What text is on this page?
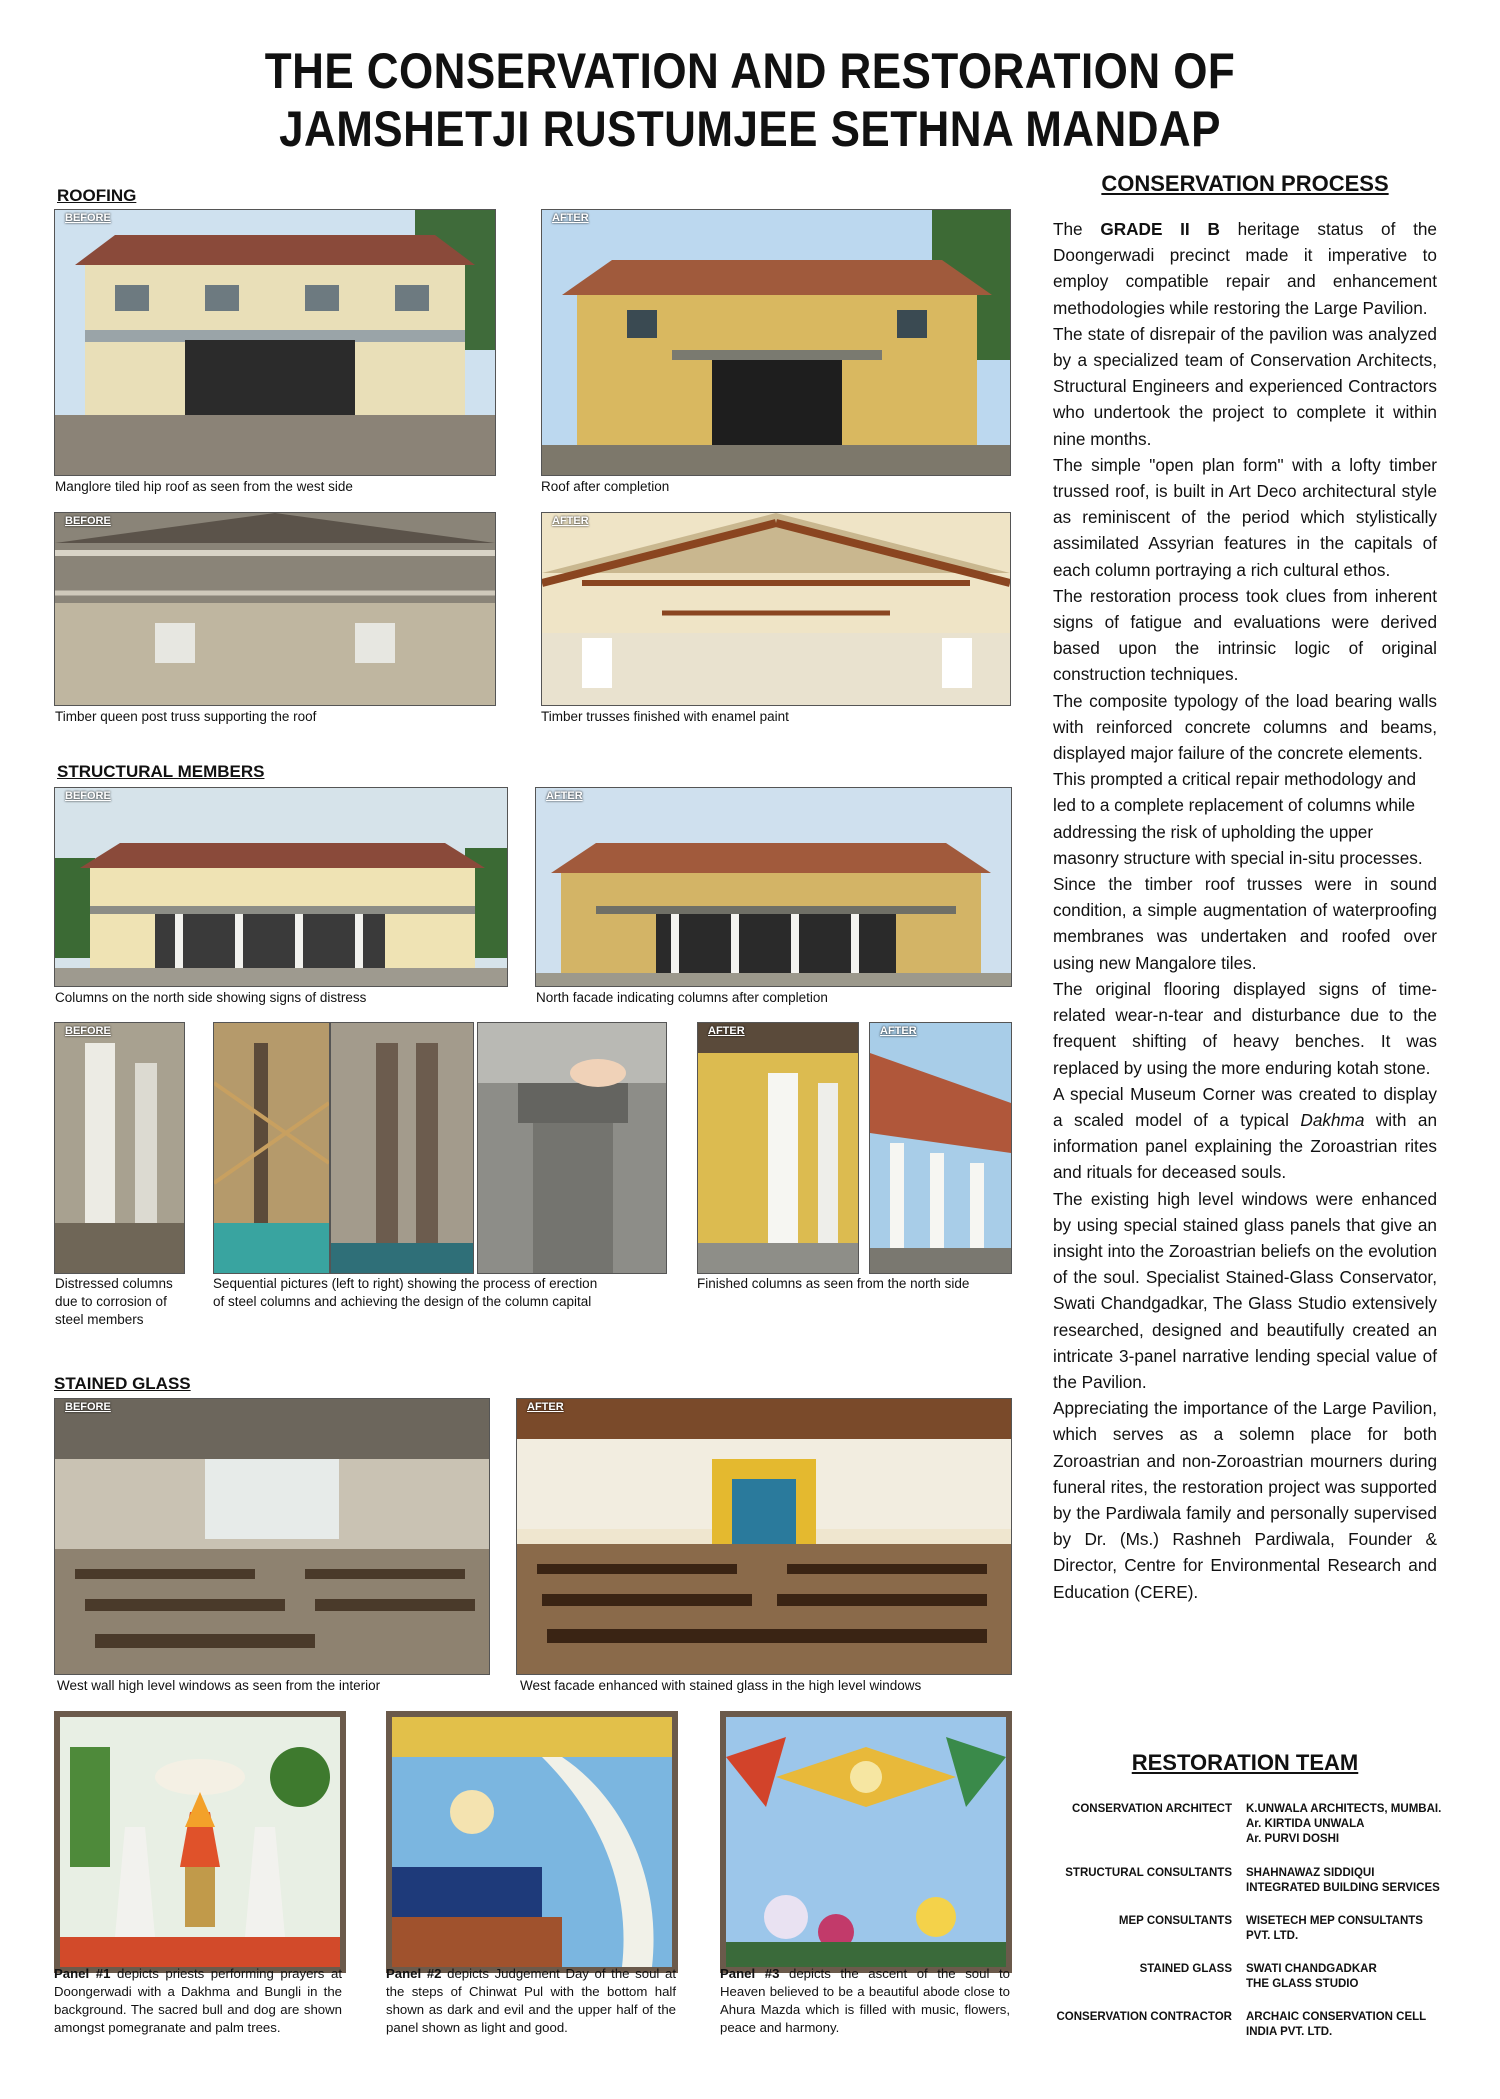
THE CONSERVATION AND RESTORATION OF
JAMSHETJI RUSTUMJEE SETHNA MANDAP
ROOFING
BEFORE
Manglore tiled hip roof as seen from the west side
AFTER
Roof after completion
BEFORE
Timber queen post truss supporting the roof
AFTER
Timber trusses finished with enamel paint
STRUCTURAL MEMBERS
BEFORE
Columns on the north side showing signs of distress
AFTER
North facade indicating columns after completion
BEFORE
Distressed columns
due to corrosion of
steel members
Sequential pictures (left to right) showing the process of erection
of steel columns and achieving the design of the column capital
AFTER	AFTER
Finished columns as seen from the north side
STAINED GLASS
BEFORE
West wall high level windows as seen from the interior
AFTER
West facade enhanced with stained glass in the high level windows
Panel #1 depicts priests performing prayers at Doongerwadi with a Dakhma and Bungli in the background. The sacred bull and dog are shown amongst pomegranate and palm trees.
Panel #2 depicts Judgement Day of the soul at the steps of Chinwat Pul with the bottom half shown as dark and evil and the upper half of the panel shown as light and good.
Panel #3 depicts the ascent of the soul to Heaven believed to be a beautiful abode close to Ahura Mazda which is filled with music, flowers, peace and harmony.
CONSERVATION PROCESS

The GRADE II B heritage status of the Doongerwadi precinct made it imperative to employ compatible repair and enhancement methodologies while restoring the Large Pavilion.

The state of disrepair of the pavilion was analyzed by a specialized team of Conservation Architects, Structural Engineers and experienced Contractors who undertook the project to complete it within nine months.

The simple "open plan form" with a lofty timber trussed roof, is built in Art Deco architectural style as reminiscent of the period which stylistically assimilated Assyrian features in the capitals of each column portraying a rich cultural ethos.

The restoration process took clues from inherent signs of fatigue and evaluations were derived based upon the intrinsic logic of original construction techniques.

The composite typology of the load bearing walls with reinforced concrete columns and beams, displayed major failure of the concrete elements.

This prompted a critical repair methodology and led to a complete replacement of columns while addressing the risk of upholding the upper masonry structure with special in-situ processes.

Since the timber roof trusses were in sound condition, a simple augmentation of waterproofing membranes was undertaken and roofed over using new Mangalore tiles.

The original flooring displayed signs of time-related wear-n-tear and disturbance due to the frequent shifting of heavy benches. It was replaced by using the more enduring kotah stone.

A special Museum Corner was created to display a scaled model of a typical Dakhma with an information panel explaining the Zoroastrian rites and rituals for deceased souls.

The existing high level windows were enhanced by using special stained glass panels that give an insight into the Zoroastrian beliefs on the evolution of the soul. Specialist Stained-Glass Conservator, Swati Chandgadkar, The Glass Studio extensively researched, designed and beautifully created an intricate 3-panel narrative lending special value of the Pavilion.

Appreciating the importance of the Large Pavilion, which serves as a solemn place for both Zoroastrian and non-Zoroastrian mourners during funeral rites, the restoration project was supported by the Pardiwala family and personally supervised by Dr. (Ms.) Rashneh Pardiwala, Founder & Director, Centre for Environmental Research and Education (CERE).

RESTORATION TEAM
CONSERVATION ARCHITECT K.UNWALA ARCHITECTS, MUMBAI.
Ar. KIRTIDA UNWALA
Ar. PURVI DOSHI
STRUCTURAL CONSULTANTS SHAHNAWAZ SIDDIQUI
INTEGRATED BUILDING SERVICES
MEP CONSULTANTS WISETECH MEP CONSULTANTS
PVT. LTD.
STAINED GLASS SWATI CHANDGADKAR
THE GLASS STUDIO
CONSERVATION CONTRACTOR ARCHAIC CONSERVATION CELL
INDIA PVT. LTD.
